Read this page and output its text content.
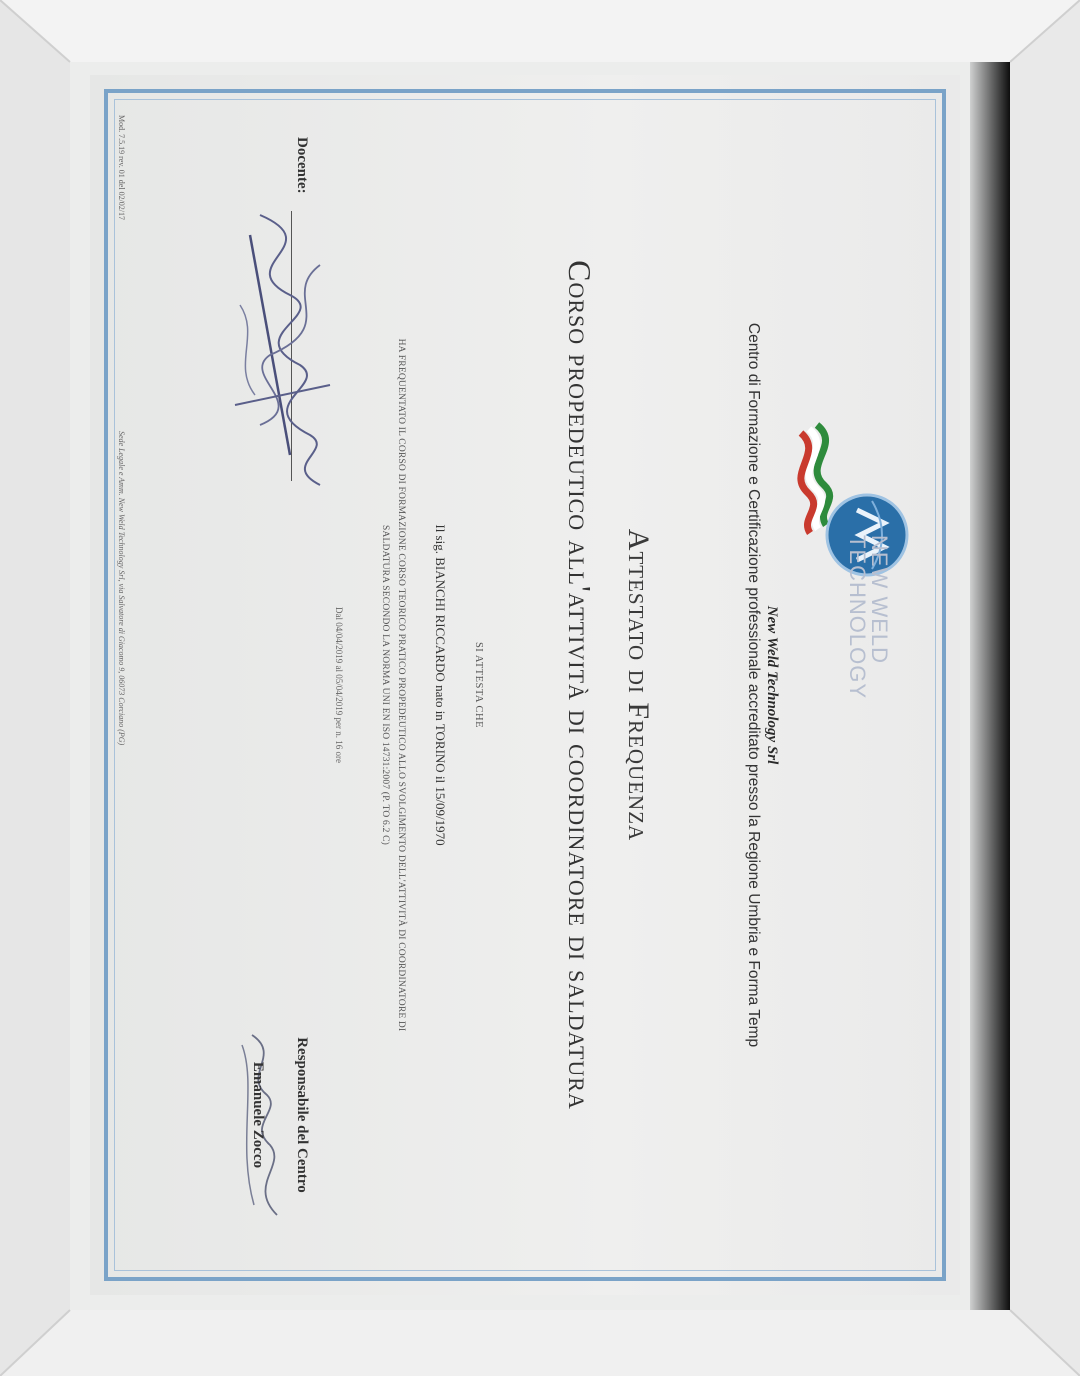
NEW WELD TECHNOLOGY
New Weld Technology Srl
Centro di Formazione e Certificazione professionale accreditato presso la Regione Umbria e Forma Temp
Attestato di Frequenza
Corso propedeutico all'attività di coordinatore di saldatura
SI ATTESTA CHE
Il sig. BIANCHI RICCARDO nato in TORINO il 15/09/1970
HA FREQUENTATO IL CORSO DI FORMAZIONE CORSO TEORICO PRATICO PROPEDEUTICO ALLO SVOLGIMENTO DELL'ATTIVITÀ DI COORDINATORE DI
SALDATURA SECONDO LA NORMA UNI EN ISO 14731:2007 (P. TO 6.2 C)
Dal 04/04/2019 al 05/04/2019 per n. 16 ore
Docente:
Responsabile del Centro
Emanuele Zocco
Mod. 7.5.19 rev. 01 del 02/02/17
Sede Legale e Amm. New Weld Technology Srl, via Salvatore di Giacomo 9, 06073 Corciano (PG)
